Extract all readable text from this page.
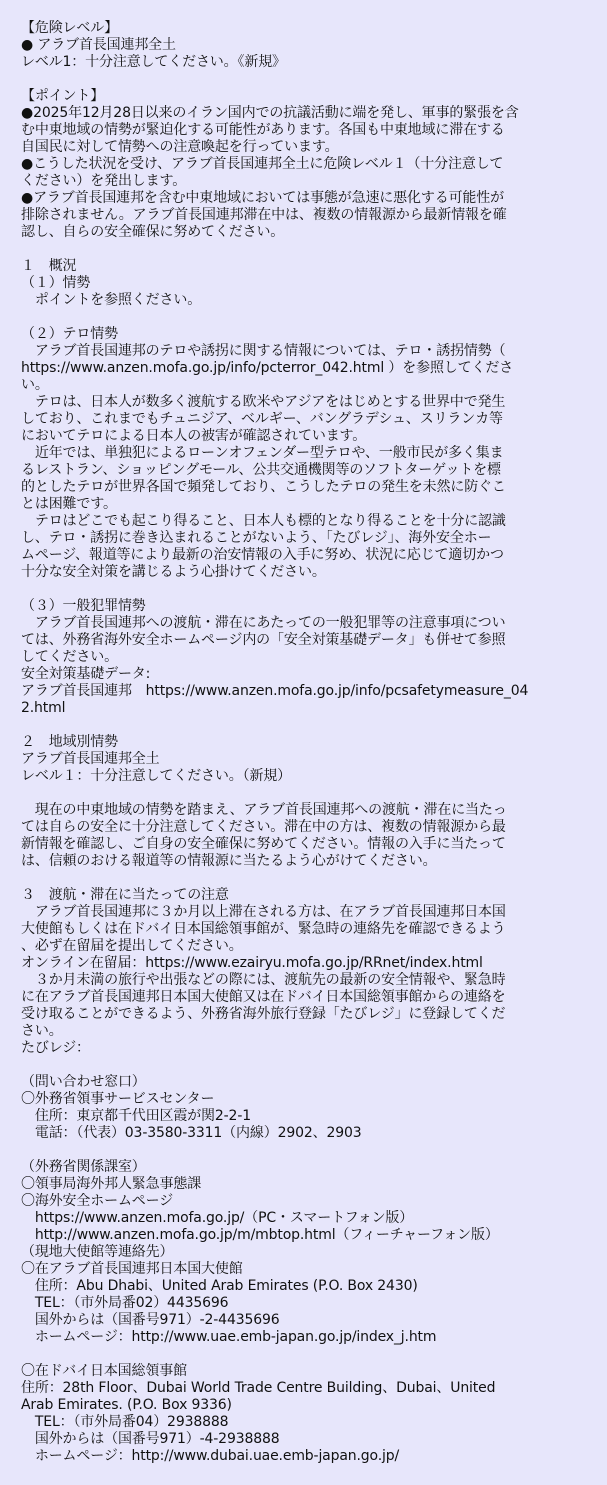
【危険レベル】
● アラブ首長国連邦全土
レベル1：十分注意してください。《新規》
【ポイント】
●2025年12月28日以来のイラン国内での抗議活動に端を発し、軍事的緊張を含
む中東地域の情勢が緊迫化する可能性があります。各国も中東地域に滞在する
自国民に対して情勢への注意喚起を行っています。
●こうした状況を受け、アラブ首長国連邦全土に危険レベル１（十分注意して
ください）を発出します。
●アラブ首長国連邦を含む中東地域においては事態が急速に悪化する可能性が
排除されません。アラブ首長国連邦滞在中は、複数の情報源から最新情報を確
認し、自らの安全確保に努めてください。
１　概況
（１）情勢
　ポイントを参照ください。
（２）テロ情勢
　アラブ首長国連邦のテロや誘拐に関する情報については、テロ・誘拐情勢（
https://www.anzen.mofa.go.jp/info/pcterror_042.html ）を参照してくださ
い。
　テロは、日本人が数多く渡航する欧米やアジアをはじめとする世界中で発生
しており、これまでもチュニジア、ベルギー、バングラデシュ、スリランカ等
においてテロによる日本人の被害が確認されています。
　近年では、単独犯によるローンオフェンダー型テロや、一般市民が多く集ま
るレストラン、ショッピングモール、公共交通機関等のソフトターゲットを標
的としたテロが世界各国で頻発しており、こうしたテロの発生を未然に防ぐこ
とは困難です。
　テロはどこでも起こり得ること、日本人も標的となり得ることを十分に認識
し、テロ・誘拐に巻き込まれることがないよう、「たびレジ」、海外安全ホー
ムページ、報道等により最新の治安情報の入手に努め、状況に応じて適切かつ
十分な安全対策を講じるよう心掛けてください。
（３）一般犯罪情勢
　アラブ首長国連邦への渡航・滞在にあたっての一般犯罪等の注意事項につい
ては、外務省海外安全ホームページ内の「安全対策基礎データ」も併せて参照
してください。
安全対策基礎データ:
アラブ首長国連邦　https://www.anzen.mofa.go.jp/info/pcsafetymeasure_04
2.html
２　地域別情勢
アラブ首長国連邦全土
レベル１：十分注意してください。（新規）
　現在の中東地域の情勢を踏まえ、アラブ首長国連邦への渡航・滞在に当たっ
ては自らの安全に十分注意してください。滞在中の方は、複数の情報源から最
新情報を確認し、ご自身の安全確保に努めてください。情報の入手に当たって
は、信頼のおける報道等の情報源に当たるよう心がけてください。
３　渡航・滞在に当たっての注意
　アラブ首長国連邦に３か月以上滞在される方は、在アラブ首長国連邦日本国
大使館もしくは在ドバイ日本国総領事館が、緊急時の連絡先を確認できるよう
、必ず在留届を提出してください。
オンライン在留届：https://www.ezairyu.mofa.go.jp/RRnet/index.html
　３か月未満の旅行や出張などの際には、渡航先の最新の安全情報や、緊急時
に在アラブ首長国連邦日本国大使館又は在ドバイ日本国総領事館からの連絡を
受け取ることができるよう、外務省海外旅行登録「たびレジ」に登録してくだ
さい。
たびレジ：
（問い合わせ窓口）
〇外務省領事サービスセンター
　住所：東京都千代田区霞が関2-2-1
　電話：（代表）03-3580-3311（内線）2902、2903
（外務省関係課室）
〇領事局海外邦人緊急事態課
〇海外安全ホームページ
　https://www.anzen.mofa.go.jp/（PC・スマートフォン版）
　http://www.anzen.mofa.go.jp/m/mbtop.html（フィーチャーフォン版）
（現地大使館等連絡先）
〇在アラブ首長国連邦日本国大使館
　住所：Abu Dhabi、United Arab Emirates (P.O. Box 2430)
　TEL：（市外局番02）4435696
　国外からは（国番号971）-2-4435696
　ホームページ：http://www.uae.emb-japan.go.jp/index_j.htm
〇在ドバイ日本国総領事館
住所：28th Floor、Dubai World Trade Centre Building、Dubai、United
Arab Emirates. (P.O. Box 9336)
　TEL：（市外局番04）2938888
　国外からは（国番号971）-4-2938888
　ホームページ：http://www.dubai.uae.emb-japan.go.jp/
